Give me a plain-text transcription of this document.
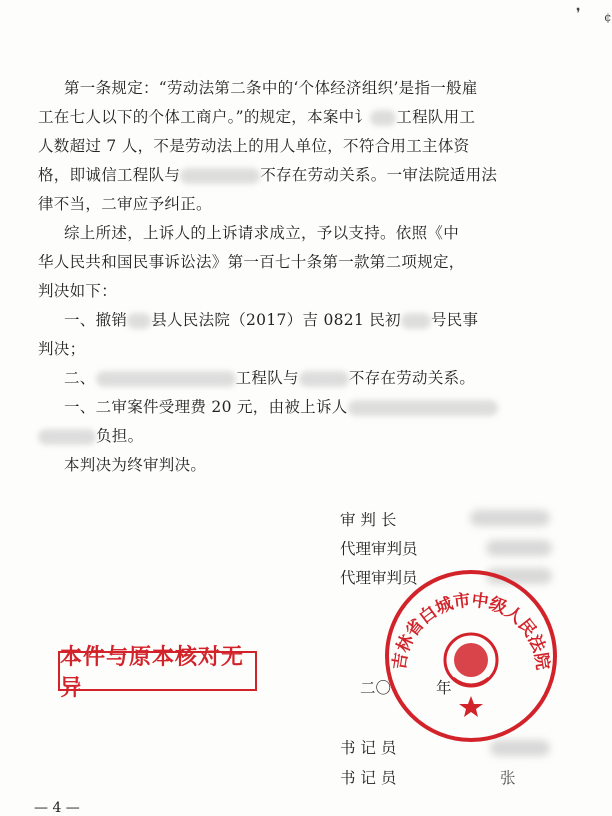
❜ ¢
第一条规定：“劳动法第二条中的‘个体经济组织’是指一般雇
工在七人以下的个体工商户。”的规定，本案中讠 工程队用工
人数超过 7 人，不是劳动法上的用人单位，不符合用工主体资
格，即诚信工程队与	不存在劳动关系。一审法院适用法
律不当，二审应予纠正。
综上所述，上诉人的上诉请求成立，予以支持。依照《中
华人民共和国民事诉讼法》第一百七十条第一款第二项规定，
判决如下：
一、撤销 县人民法院（2017）吉 0821 民初 号民事
判决；
二、	工程队与	不存在劳动关系。
一、二审案件受理费 20 元，由被上诉人
负担。
本判决为终审判决。
审 判 长
代理审判员
代理审判员
二〇	年
书 记 员
书 记 员	张
本件与原本核对无异
吉林省白城市中级人民法院
— 4 —
